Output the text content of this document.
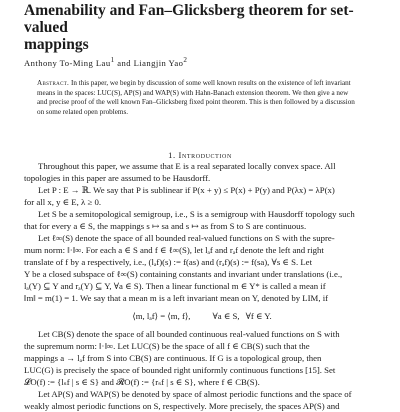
Amenability and Fan–Glicksberg theorem for set-valued
mappings
Anthony To-Ming Lau$^1$ and Liangjin Yao$^2$
Abstract. In this paper, we begin by discussion of some well known results on the existence of left invariant
means in the spaces: LUC(S), AP(S) and WAP(S) with Hahn-Banach extension theorem. We then give a new
and precise proof of the well known Fan–Glicksberg fixed point theorem. This is then followed by a discussion
on some related open problems.
1. Introduction
Throughout this paper, we assume that E is a real separated locally convex space. All
topologies in this paper are assumed to be Hausdorff.
Let P : E → ℝ. We say that P is sublinear if P(x + y) ≤ P(x) + P(y) and P(λx) = λP(x)
for all x, y ∈ E, λ ≥ 0.
Let S be a semitopological semigroup, i.e., S is a semigroup with Hausdorff topology such
that for every a ∈ S, the mappings s ↦ sa and s ↦ as from S to S are continuous.
Let ℓ∞(S) denote the space of all bounded real-valued functions on S with the supre-
mum norm: ‖·‖∞. For each a ∈ S and f ∈ ℓ∞(S), let lₐf and rₐf denote the left and right
translate of f by a respectively, i.e., (lₐf)(s) := f(as) and (rₐf)(s) := f(sa), ∀s ∈ S. Let
Y be a closed subspace of ℓ∞(S) containing constants and invariant under translations (i.e.,
lₐ(Y) ⊆ Y and rₐ(Y) ⊆ Y, ∀a ∈ S). Then a linear functional m ∈ Y* is called a mean if
‖m‖ = m(1) = 1. We say that a mean m is a left invariant mean on Y, denoted by LIM, if
⟨m, lₐf⟩ = ⟨m, f⟩,	∀a ∈ S, ∀f ∈ Y.
Let CB(S) denote the space of all bounded continuous real-valued functions on S with
the supremum norm: ‖·‖∞. Let LUC(S) be the space of all f ∈ CB(S) such that the
mappings a → lₐf from S into CB(S) are continuous. If G is a topological group, then
LUC(G) is precisely the space of bounded right uniformly continuous functions [15]. Set
𝓛O(f) := {lₛf | s ∈ S} and 𝓡O(f) := {rₛf | s ∈ S}, where f ∈ CB(S).
Let AP(S) and WAP(S) be denoted by space of almost periodic functions and the space of
weakly almost periodic functions on S, respectively. More precisely, the spaces AP(S) and
